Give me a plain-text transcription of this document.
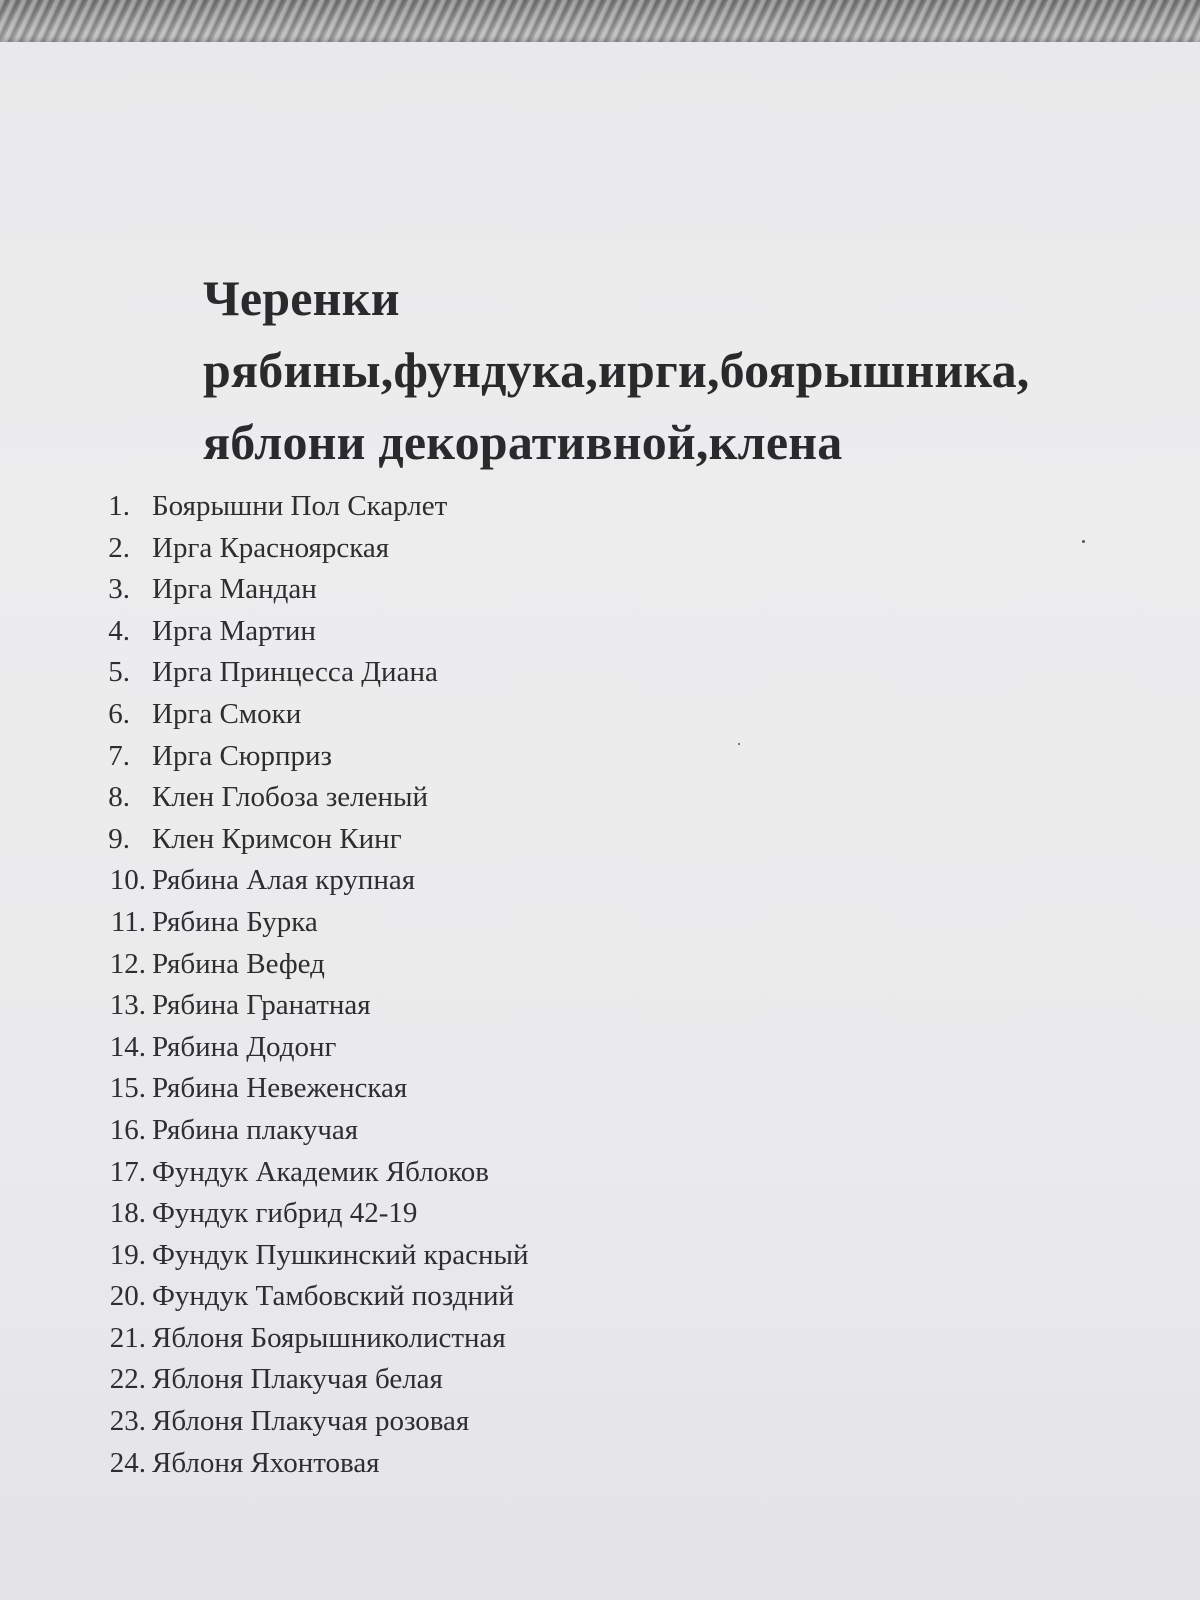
Черенки
рябины,фундука,ирги,боярышника,
яблони декоративной,клена
1. Боярышни Пол Скарлет
2. Ирга Красноярская
3. Ирга Мандан
4. Ирга Мартин
5. Ирга Принцесса Диана
6. Ирга Смоки
7. Ирга Сюрприз
8. Клен Глобоза зеленый
9. Клен Кримсон Кинг
10. Рябина Алая крупная
11. Рябина Бурка
12. Рябина Вефед
13. Рябина Гранатная
14. Рябина Додонг
15. Рябина Невеженская
16. Рябина плакучая
17. Фундук Академик Яблоков
18. Фундук гибрид 42-19
19. Фундук Пушкинский красный
20. Фундук Тамбовский поздний
21. Яблоня Боярышниколистная
22. Яблоня Плакучая белая
23. Яблоня Плакучая розовая
24. Яблоня Яхонтовая
